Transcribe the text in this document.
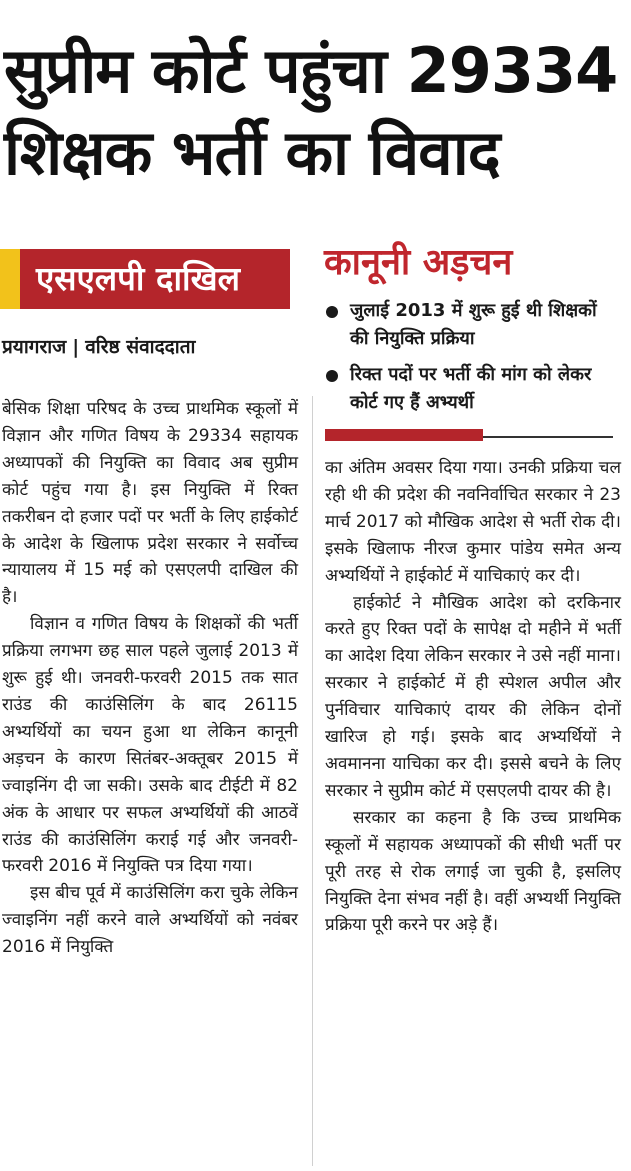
सुप्रीम कोर्ट पहुंचा 29334
शिक्षक भर्ती का विवाद
एसएलपी दाखिल
प्रयागराज | वरिष्ठ संवाददाता
कानूनी अड़चन
जुलाई 2013 में शुरू हुई थी शिक्षकों की नियुक्ति प्रक्रिया
रिक्त पदों पर भर्ती की मांग को लेकर कोर्ट गए हैं अभ्यर्थी

बेसिक शिक्षा परिषद के उच्च प्राथमिक स्कूलों में विज्ञान और गणित विषय के 29334 सहायक अध्यापकों की नियुक्ति का विवाद अब सुप्रीम कोर्ट पहुंच गया है। इस नियुक्ति में रिक्त तकरीबन दो हजार पदों पर भर्ती के लिए हाईकोर्ट के आदेश के खिलाफ प्रदेश सरकार ने सर्वोच्च न्यायालय में 15 मई को एसएलपी दाखिल की है।

विज्ञान व गणित विषय के शिक्षकों की भर्ती प्रक्रिया लगभग छह साल पहले जुलाई 2013 में शुरू हुई थी। जनवरी-फरवरी 2015 तक सात राउंड की काउंसिलिंग के बाद 26115 अभ्यर्थियों का चयन हुआ था लेकिन कानूनी अड़चन के कारण सितंबर-अक्तूबर 2015 में ज्वाइनिंग दी जा सकी। उसके बाद टीईटी में 82 अंक के आधार पर सफल अभ्यर्थियों की आठवें राउंड की काउंसिलिंग कराई गई और जनवरी-फरवरी 2016 में नियुक्ति पत्र दिया गया।

इस बीच पूर्व में काउंसिलिंग करा चुके लेकिन ज्वाइनिंग नहीं करने वाले अभ्यर्थियों को नवंबर 2016 में नियुक्ति

का अंतिम अवसर दिया गया। उनकी प्रक्रिया चल रही थी की प्रदेश की नवनिर्वाचित सरकार ने 23 मार्च 2017 को मौखिक आदेश से भर्ती रोक दी। इसके खिलाफ नीरज कुमार पांडेय समेत अन्य अभ्यर्थियों ने हाईकोर्ट में याचिकाएं कर दी।

हाईकोर्ट ने मौखिक आदेश को दरकिनार करते हुए रिक्त पदों के सापेक्ष दो महीने में भर्ती का आदेश दिया लेकिन सरकार ने उसे नहीं माना। सरकार ने हाईकोर्ट में ही स्पेशल अपील और पुर्नविचार याचिकाएं दायर की लेकिन दोनों खारिज हो गई। इसके बाद अभ्यर्थियों ने अवमानना याचिका कर दी। इससे बचने के लिए सरकार ने सुप्रीम कोर्ट में एसएलपी दायर की है।

सरकार का कहना है कि उच्च प्राथमिक स्कूलों में सहायक अध्यापकों की सीधी भर्ती पर पूरी तरह से रोक लगाई जा चुकी है, इसलिए नियुक्ति देना संभव नहीं है। वहीं अभ्यर्थी नियुक्ति प्रक्रिया पूरी करने पर अड़े हैं।
